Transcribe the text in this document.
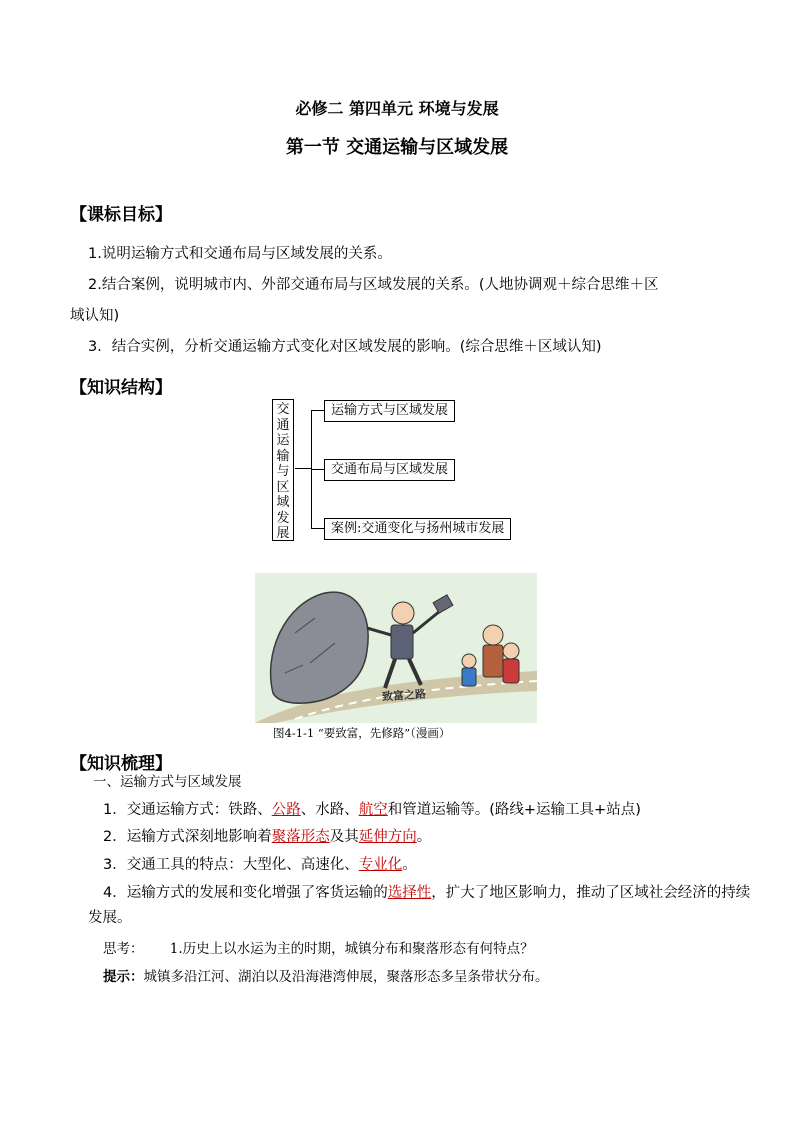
必修二 第四单元 环境与发展
第一节 交通运输与区域发展
【课标目标】
1.说明运输方式和交通布局与区域发展的关系。
2.结合案例，说明城市内、外部交通布局与区域发展的关系。(人地协调观＋综合思维＋区
域认知)
3．结合实例，分析交通运输方式变化对区域发展的影响。(综合思维＋区域认知)
【知识结构】
交
通
运
输
与
区
域
发
展
运输方式与区域发展
交通布局与区域发展
案例:交通变化与扬州城市发展
致富之路
图4-1-1 “要致富，先修路”（漫画）
【知识梳理】
一、运输方式与区域发展
1．交通运输方式：铁路、公路、水路、航空和管道运输等。(路线+运输工具+站点)
2．运输方式深刻地影响着聚落形态及其延伸方向。
3．交通工具的特点：大型化、高速化、专业化。
4．运输方式的发展和变化增强了客货运输的选择性，扩大了地区影响力，推动了区域社会经济的持续
发展。
思考： 1.历史上以水运为主的时期，城镇分布和聚落形态有何特点？
提示：城镇多沿江河、湖泊以及沿海港湾伸展，聚落形态多呈条带状分布。
